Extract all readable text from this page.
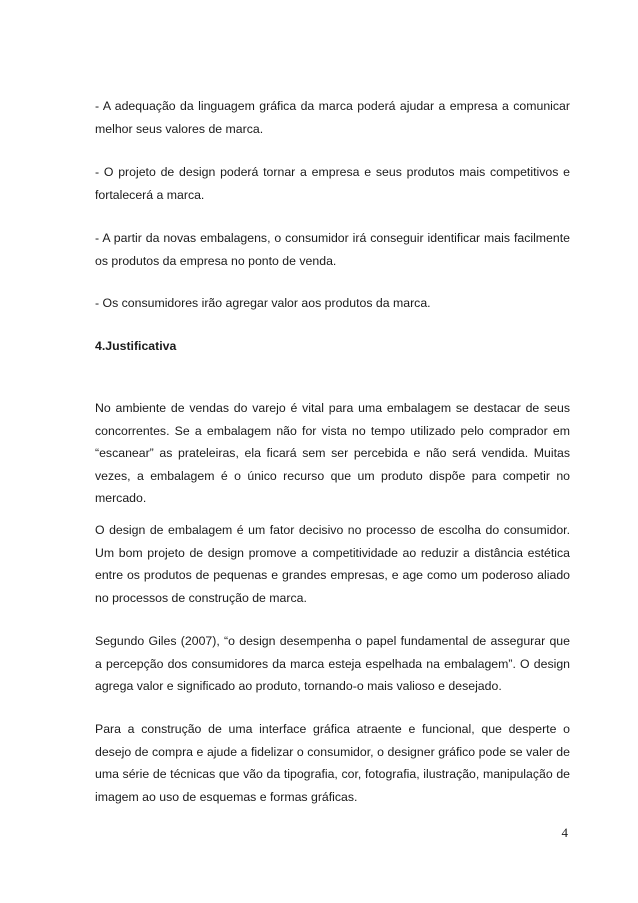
- A adequação da linguagem gráfica da marca poderá ajudar a empresa a comunicar melhor seus valores de marca.

- O projeto de design poderá tornar a empresa e seus produtos mais competitivos e fortalecerá a marca.

- A partir da novas embalagens, o consumidor irá conseguir identificar mais facilmente os produtos da empresa no ponto de venda.

- Os consumidores irão agregar valor aos produtos da marca.

4.Justificativa

No ambiente de vendas do varejo é vital para uma embalagem se destacar de seus concorrentes. Se a embalagem não for vista no tempo utilizado pelo comprador em “escanear” as prateleiras, ela ficará sem ser percebida e não será vendida. Muitas vezes, a embalagem é o único recurso que um produto dispõe para competir no mercado.

O design de embalagem é um fator decisivo no processo de escolha do consumidor. Um bom projeto de design promove a competitividade ao reduzir a distância estética entre os produtos de pequenas e grandes empresas, e age como um poderoso aliado no processos de construção de marca.

Segundo Giles (2007), “o design desempenha o papel fundamental de assegurar que a percepção dos consumidores da marca esteja espelhada na embalagem”. O design agrega valor e significado ao produto, tornando-o mais valioso e desejado.

Para a construção de uma interface gráfica atraente e funcional, que desperte o desejo de compra e ajude a fidelizar o consumidor, o designer gráfico pode se valer de uma série de técnicas que vão da tipografia, cor, fotografia, ilustração, manipulação de imagem ao uso de esquemas e formas gráficas.

4
